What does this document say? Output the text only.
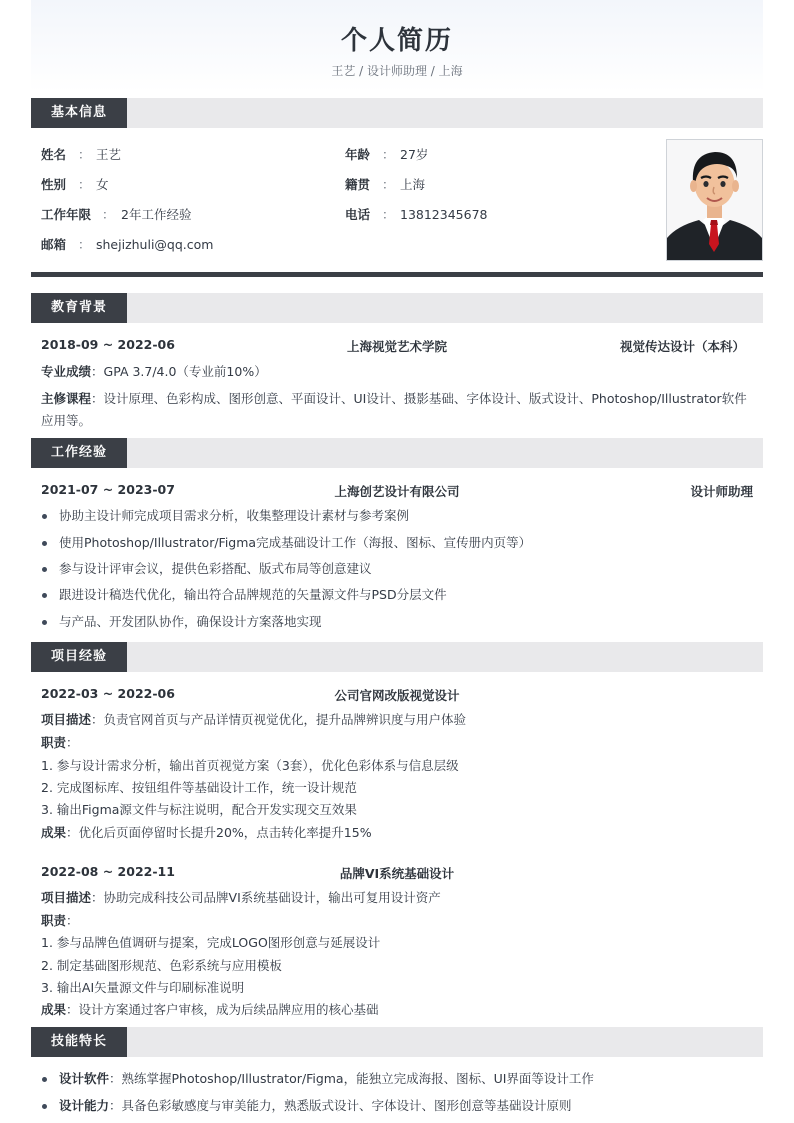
个人简历
王艺 / 设计师助理 / 上海
基本信息
姓名 ： 王艺	年龄 ： 27岁
性别 ： 女	籍贯 ： 上海
工作年限 ： 2年工作经验	电话 ： 13812345678
邮箱 ： shejizhuli@qq.com
教育背景
2018-09 ~ 2022-06	上海视觉艺术学院	视觉传达设计（本科）
专业成绩：GPA 3.7/4.0（专业前10%）
主修课程：设计原理、色彩构成、图形创意、平面设计、UI设计、摄影基础、字体设计、版式设计、Photoshop/Illustrator软件应用等。
工作经验
2021-07 ~ 2023-07	上海创艺设计有限公司	设计师助理
协助主设计师完成项目需求分析，收集整理设计素材与参考案例
使用Photoshop/Illustrator/Figma完成基础设计工作（海报、图标、宣传册内页等）
参与设计评审会议，提供色彩搭配、版式布局等创意建议
跟进设计稿迭代优化，输出符合品牌规范的矢量源文件与PSD分层文件
与产品、开发团队协作，确保设计方案落地实现
项目经验
2022-03 ~ 2022-06	公司官网改版视觉设计
项目描述：负责官网首页与产品详情页视觉优化，提升品牌辨识度与用户体验
职责：
1. 参与设计需求分析，输出首页视觉方案（3套），优化色彩体系与信息层级
2. 完成图标库、按钮组件等基础设计工作，统一设计规范
3. 输出Figma源文件与标注说明，配合开发实现交互效果
成果：优化后页面停留时长提升20%，点击转化率提升15%
2022-08 ~ 2022-11	品牌VI系统基础设计
项目描述：协助完成科技公司品牌VI系统基础设计，输出可复用设计资产
职责：
1. 参与品牌色值调研与提案，完成LOGO图形创意与延展设计
2. 制定基础图形规范、色彩系统与应用模板
3. 输出AI矢量源文件与印刷标准说明
成果：设计方案通过客户审核，成为后续品牌应用的核心基础
技能特长
设计软件：熟练掌握Photoshop/Illustrator/Figma，能独立完成海报、图标、UI界面等设计工作
设计能力：具备色彩敏感度与审美能力，熟悉版式设计、字体设计、图形创意等基础设计原则
